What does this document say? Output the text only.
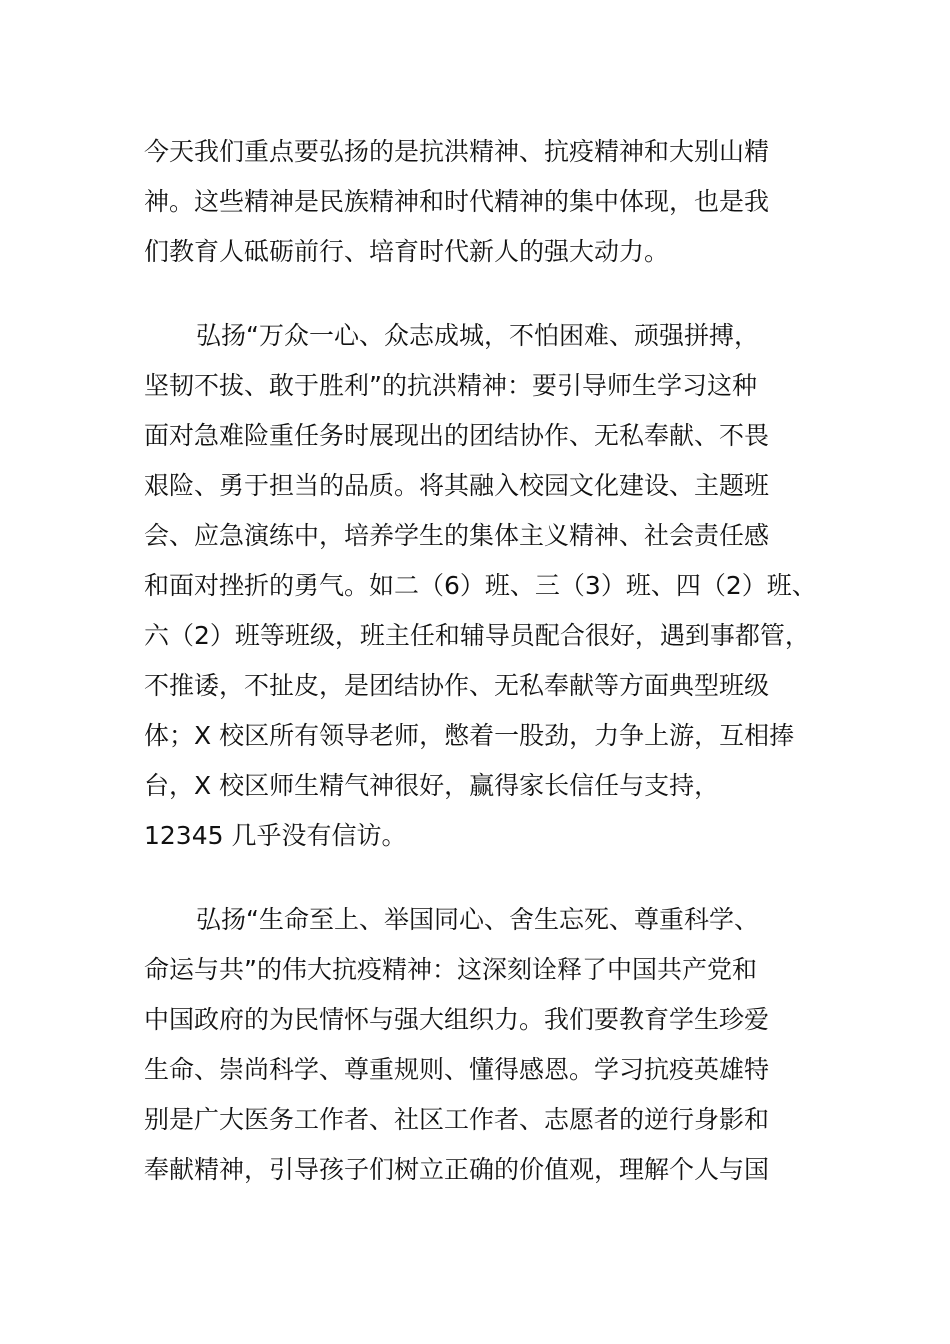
今天我们重点要弘扬的是抗洪精神、抗疫精神和大别山精
神。这些精神是民族精神和时代精神的集中体现，也是我
们教育人砥砺前行、培育时代新人的强大动力。
弘扬“万众一心、众志成城，不怕困难、顽强拼搏，
坚韧不拔、敢于胜利”的抗洪精神：要引导师生学习这种
面对急难险重任务时展现出的团结协作、无私奉献、不畏
艰险、勇于担当的品质。将其融入校园文化建设、主题班
会、应急演练中，培养学生的集体主义精神、社会责任感
和面对挫折的勇气。如二（6）班、三（3）班、四（2）班、
六（2）班等班级，班主任和辅导员配合很好，遇到事都管，
不推诿，不扯皮，是团结协作、无私奉献等方面典型班级
体；X 校区所有领导老师，憋着一股劲，力争上游，互相捧
台，X 校区师生精气神很好，赢得家长信任与支持，
12345 几乎没有信访。
弘扬“生命至上、举国同心、舍生忘死、尊重科学、
命运与共”的伟大抗疫精神：这深刻诠释了中国共产党和
中国政府的为民情怀与强大组织力。我们要教育学生珍爱
生命、崇尚科学、尊重规则、懂得感恩。学习抗疫英雄特
别是广大医务工作者、社区工作者、志愿者的逆行身影和
奉献精神，引导孩子们树立正确的价值观，理解个人与国
